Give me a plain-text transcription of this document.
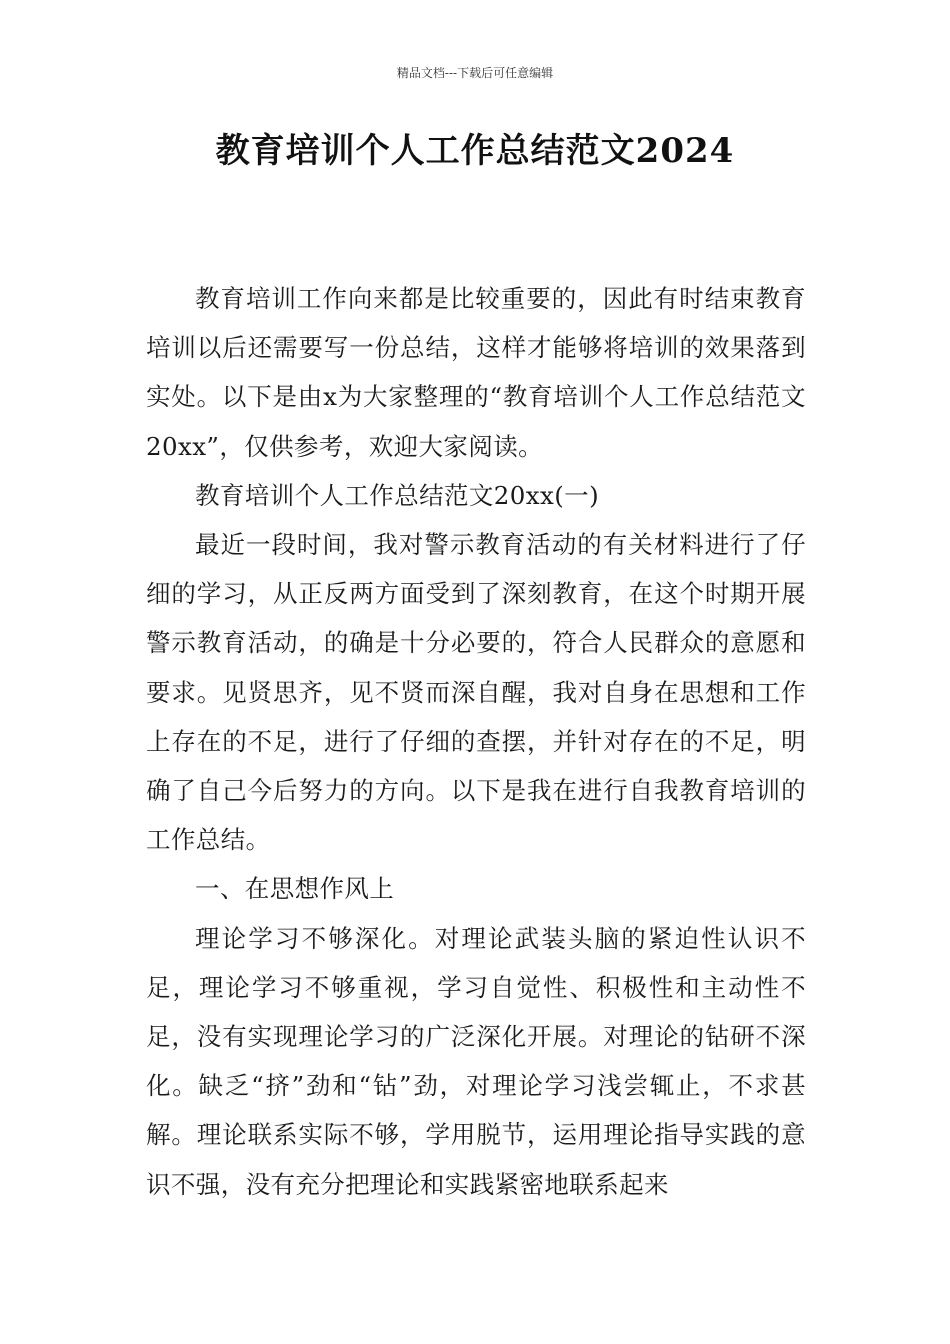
精品文档---下载后可任意编辑
教育培训个人工作总结范文2024

教育培训工作向来都是比较重要的，因此有时结束教育培训以后还需要写一份总结，这样才能够将培训的效果落到实处。以下是由x为大家整理的“教育培训个人工作总结范文20xx”，仅供参考，欢迎大家阅读。

教育培训个人工作总结范文20xx(一)

最近一段时间，我对警示教育活动的有关材料进行了仔细的学习，从正反两方面受到了深刻教育，在这个时期开展警示教育活动，的确是十分必要的，符合人民群众的意愿和要求。见贤思齐，见不贤而深自醒，我对自身在思想和工作上存在的不足，进行了仔细的查摆，并针对存在的不足，明确了自己今后努力的方向。以下是我在进行自我教育培训的工作总结。

一、在思想作风上

理论学习不够深化。对理论武装头脑的紧迫性认识不足，理论学习不够重视，学习自觉性、积极性和主动性不足，没有实现理论学习的广泛深化开展。对理论的钻研不深化。缺乏“挤”劲和“钻”劲，对理论学习浅尝辄止，不求甚解。理论联系实际不够，学用脱节，运用理论指导实践的意识不强，没有充分把理论和实践紧密地联系起来
